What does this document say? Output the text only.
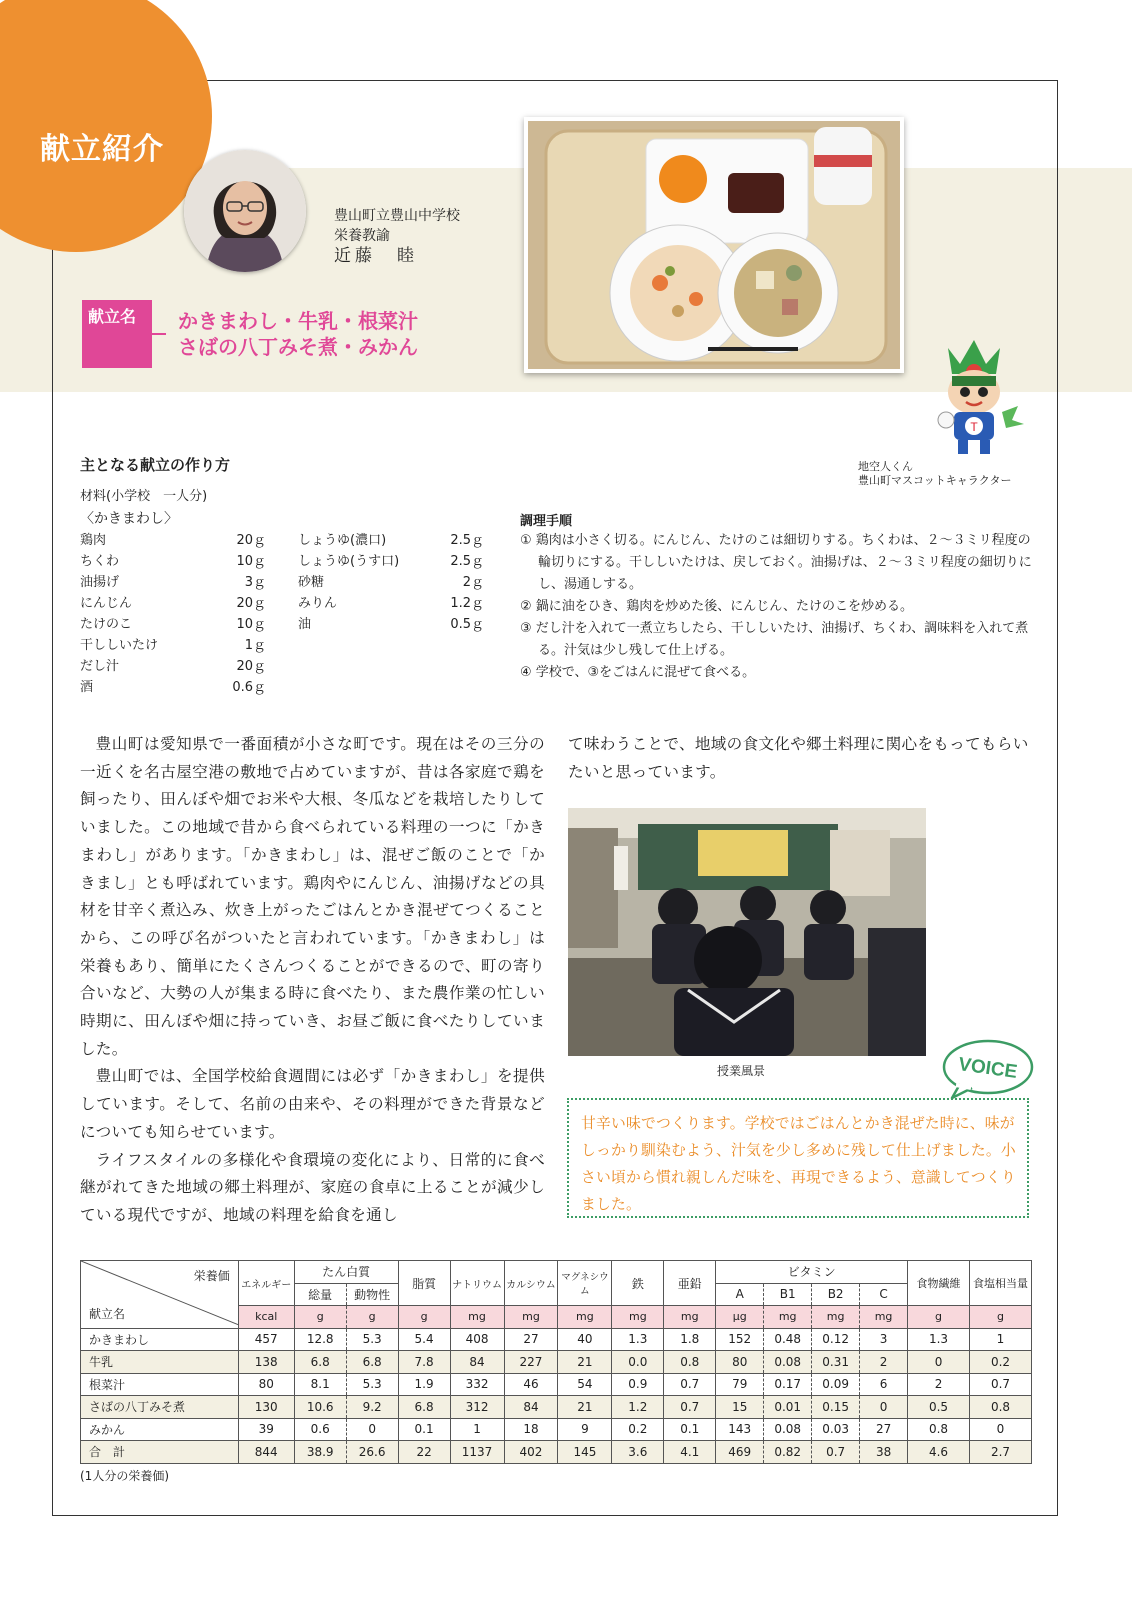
献立紹介
豊山町立豊山中学校
栄養教諭
近藤　睦
献立名 かきまわし・牛乳・根菜汁
さばの八丁みそ煮・みかん
T
地空人くん
豊山町マスコットキャラクター
主となる献立の作り方
材料(小学校　一人分)
〈かきまわし〉
鶏肉	20ｇ
ちくわ	10ｇ
油揚げ	3ｇ
にんじん	20ｇ
たけのこ	10ｇ
干ししいたけ	1ｇ
だし汁	20ｇ
酒	0.6ｇ
しょうゆ(濃口)	2.5ｇ
しょうゆ(うす口)	2.5ｇ
砂糖	2ｇ
みりん	1.2ｇ
油	0.5ｇ
調理手順

① 鶏肉は小さく切る。にんじん、たけのこは細切りする。ちくわは、２～３ミリ程度の輪切りにする。干ししいたけは、戻しておく。油揚げは、２～３ミリ程度の細切りにし、湯通しする。

② 鍋に油をひき、鶏肉を炒めた後、にんじん、たけのこを炒める。

③ だし汁を入れて一煮立ちしたら、干ししいたけ、油揚げ、ちくわ、調味料を入れて煮る。汁気は少し残して仕上げる。

④ 学校で、③をごはんに混ぜて食べる。

豊山町は愛知県で一番面積が小さな町です。現在はその三分の一近くを名古屋空港の敷地で占めていますが、昔は各家庭で鶏を飼ったり、田んぼや畑でお米や大根、冬瓜などを栽培したりしていました。この地域で昔から食べられている料理の一つに「かきまわし」があります。「かきまわし」は、混ぜご飯のことで「かきまし」とも呼ばれています。鶏肉やにんじん、油揚げなどの具材を甘辛く煮込み、炊き上がったごはんとかき混ぜてつくることから、この呼び名がついたと言われています。「かきまわし」は栄養もあり、簡単にたくさんつくることができるので、町の寄り合いなど、大勢の人が集まる時に食べたり、また農作業の忙しい時期に、田んぼや畑に持っていき、お昼ご飯に食べたりしていました。

豊山町では、全国学校給食週間には必ず「かきまわし」を提供しています。そして、名前の由来や、その料理ができた背景などについても知らせています。

ライフスタイルの多様化や食環境の変化により、日常的に食べ継がれてきた地域の郷土料理が、家庭の食卓に上ることが減少している現代ですが、地域の料理を給食を通し

て味わうことで、地域の食文化や郷土料理に関心をもってもらいたいと思っています。
授業風景	VOICE
甘辛い味でつくります。学校ではごはんとかき混ぜた時に、味がしっかり馴染むよう、汁気を少し多めに残して仕上げました。小さい頃から慣れ親しんだ味を、再現できるよう、意識してつくりました。
栄養価
献立名	エネルギー	たん白質		脂質	ナトリウム	カルシウム	マグネシウム	鉄	亜鉛	ビタミン				食物繊維	食塩相当量
		総量	動物性							A	B1	B2	C		
	kcal	g	g	g	mg	mg	mg	mg	mg	μg	mg	mg	mg	g	g
かきまわし	457	12.8	5.3	5.4	408	27	40	1.3	1.8	152	0.48	0.12	3	1.3	1
牛乳	138	6.8	6.8	7.8	84	227	21	0.0	0.8	80	0.08	0.31	2	0	0.2
根菜汁	80	8.1	5.3	1.9	332	46	54	0.9	0.7	79	0.17	0.09	6	2	0.7
さばの八丁みそ煮	130	10.6	9.2	6.8	312	84	21	1.2	0.7	15	0.01	0.15	0	0.5	0.8
みかん	39	0.6	0	0.1	1	18	9	0.2	0.1	143	0.08	0.03	27	0.8	0
合　計	844	38.9	26.6	22	1137	402	145	3.6	4.1	469	0.82	0.7	38	4.6	2.7
(1人分の栄養価)
